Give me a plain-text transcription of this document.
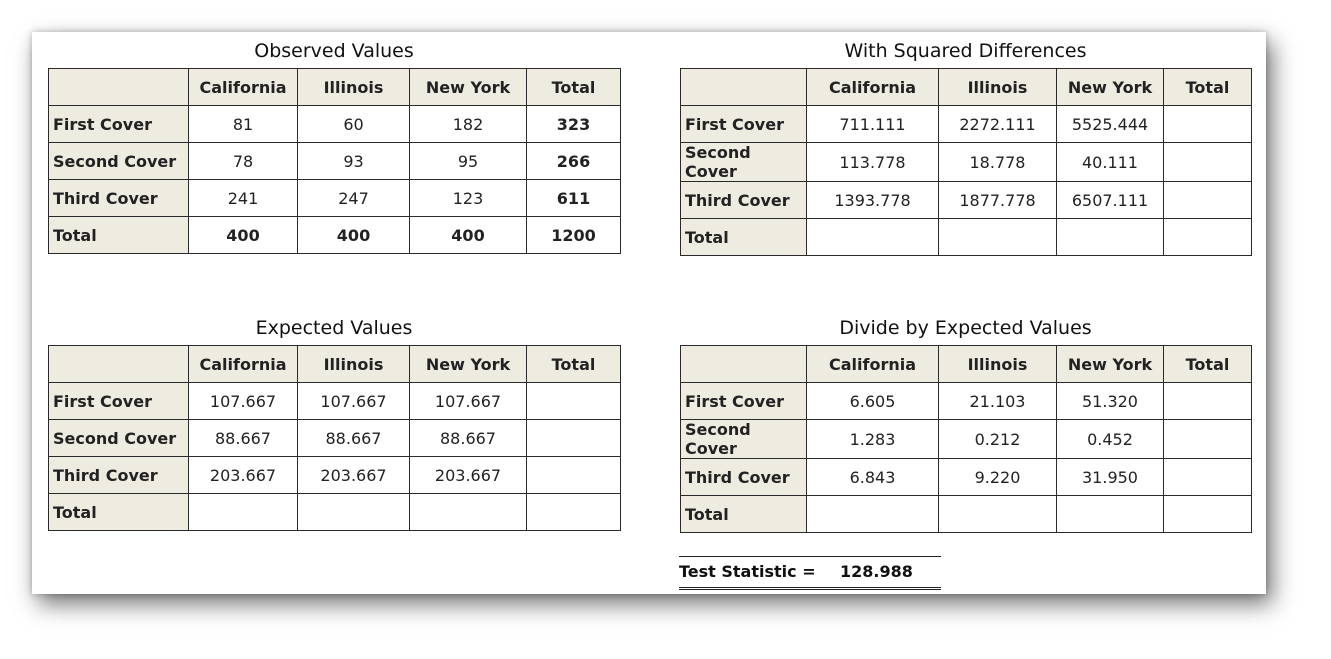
Observed Values
	California	Illinois	New York	Total
First Cover	81	60	182	323
Second Cover	78	93	95	266
Third Cover	241	247	123	611
Total	400	400	400	1200
With Squared Differences
	California	Illinois	New York	Total
First Cover	711.111	2272.111	5525.444	
Second Cover	113.778	18.778	40.111	
Third Cover	1393.778	1877.778	6507.111	
Total				
Expected Values
	California	Illinois	New York	Total
First Cover	107.667	107.667	107.667	
Second Cover	88.667	88.667	88.667	
Third Cover	203.667	203.667	203.667	
Total				
Divide by Expected Values
	California	Illinois	New York	Total
First Cover	6.605	21.103	51.320	
Second Cover	1.283	0.212	0.452	
Third Cover	6.843	9.220	31.950	
Total				
Test Statistic = 128.988
